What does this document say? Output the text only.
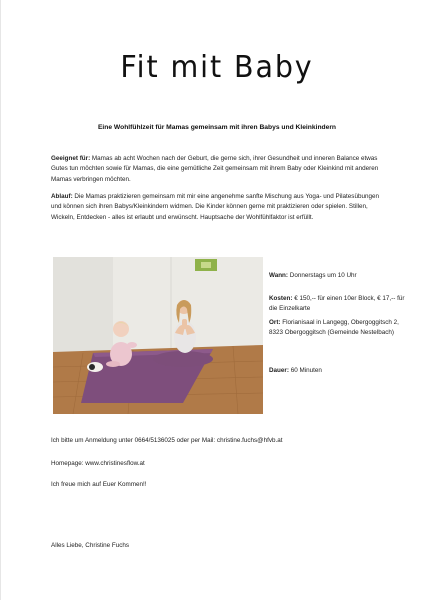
Fit mit Baby
Eine Wohlfühlzeit für Mamas gemeinsam mit ihren Babys und Kleinkindern
Geeignet für: Mamas ab acht Wochen nach der Geburt, die gerne sich, ihrer Gesundheit und inneren Balance etwas Gutes tun möchten sowie für Mamas, die eine gemütliche Zeit gemeinsam mit ihrem Baby oder Kleinkind mit anderen Mamas verbringen möchten.
Ablauf: Die Mamas praktizieren gemeinsam mit mir eine angenehme sanfte Mischung aus Yoga- und Pilatesübungen und können sich ihren Babys/Kleinkindern widmen. Die Kinder können gerne mit praktizieren oder spielen. Stillen, Wickeln, Entdecken - alles ist erlaubt und erwünscht. Hauptsache der Wohlfühlfaktor ist erfüllt.
Wann: Donnerstags um 10 Uhr
Kosten: € 150,-- für einen 10er Block, € 17,-- für die Einzelkarte
Ort: Florianisaal in Langegg, Obergoggitsch 2, 8323 Obergoggitsch (Gemeinde Nestelbach)
Dauer: 60 Minuten
Ich bitte um Anmeldung unter 0664/5136025 oder per Mail: christine.fuchs@hfvb.at
Homepage: www.christinesflow.at
Ich freue mich auf Euer Kommen!!
Alles Liebe, Christine Fuchs
